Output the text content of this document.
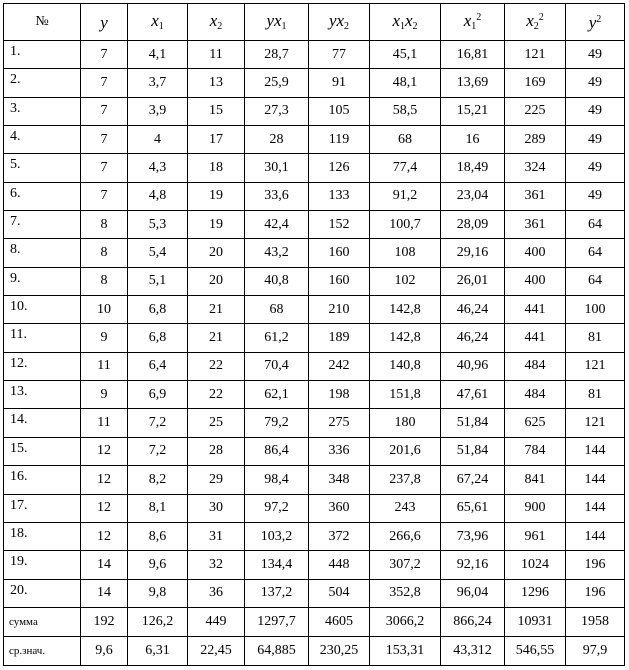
№	y	$x_1$	$x_2$	$yx_1$	$yx_2$	$x_1x_2$	$x_1^2$	$x_2^2$	$y^2$
1.	7	4,1	11	28,7	77	45,1	16,81	121	49
2.	7	3,7	13	25,9	91	48,1	13,69	169	49
3.	7	3,9	15	27,3	105	58,5	15,21	225	49
4.	7	4	17	28	119	68	16	289	49
5.	7	4,3	18	30,1	126	77,4	18,49	324	49
6.	7	4,8	19	33,6	133	91,2	23,04	361	49
7.	8	5,3	19	42,4	152	100,7	28,09	361	64
8.	8	5,4	20	43,2	160	108	29,16	400	64
9.	8	5,1	20	40,8	160	102	26,01	400	64
10.	10	6,8	21	68	210	142,8	46,24	441	100
11.	9	6,8	21	61,2	189	142,8	46,24	441	81
12.	11	6,4	22	70,4	242	140,8	40,96	484	121
13.	9	6,9	22	62,1	198	151,8	47,61	484	81
14.	11	7,2	25	79,2	275	180	51,84	625	121
15.	12	7,2	28	86,4	336	201,6	51,84	784	144
16.	12	8,2	29	98,4	348	237,8	67,24	841	144
17.	12	8,1	30	97,2	360	243	65,61	900	144
18.	12	8,6	31	103,2	372	266,6	73,96	961	144
19.	14	9,6	32	134,4	448	307,2	92,16	1024	196
20.	14	9,8	36	137,2	504	352,8	96,04	1296	196
сумма	192	126,2	449	1297,7	4605	3066,2	866,24	10931	1958
ср.знач.	9,6	6,31	22,45	64,885	230,25	153,31	43,312	546,55	97,9
